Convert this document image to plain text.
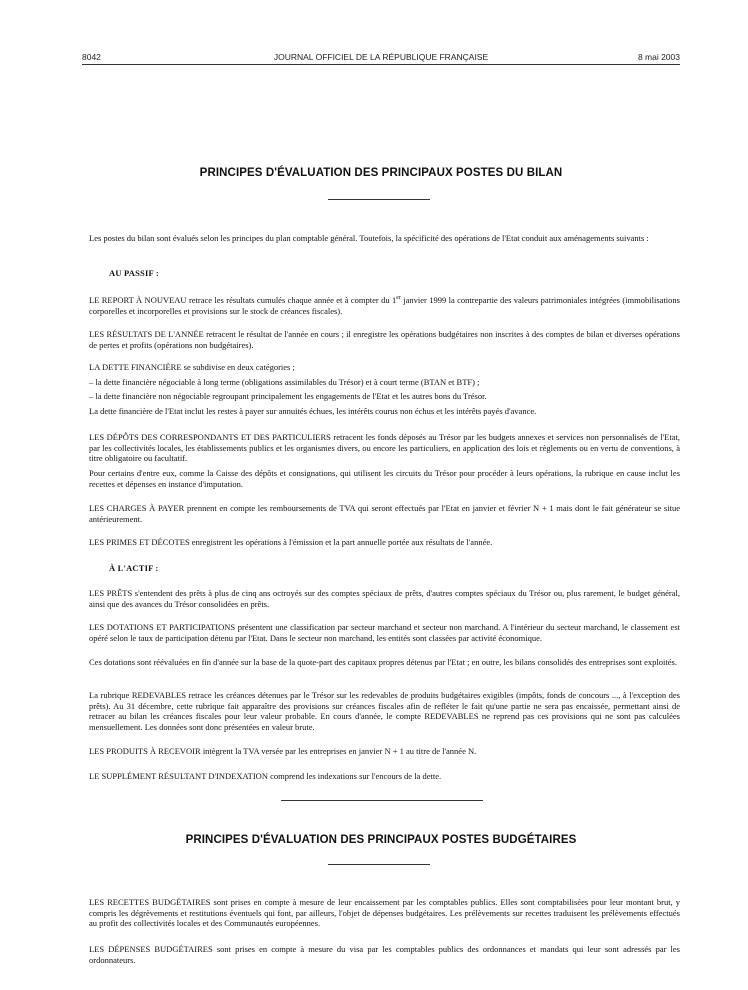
8042	JOURNAL OFFICIEL DE LA RÉPUBLIQUE FRANÇAISE	8 mai 2003
PRINCIPES D'ÉVALUATION DES PRINCIPAUX POSTES DU BILAN

Les postes du bilan sont évalués selon les principes du plan comptable général. Toutefois, la spécificité des opérations de l'Etat conduit aux aménagements suivants :

AU PASSIF :

LE REPORT À NOUVEAU retrace les résultats cumulés chaque année et à compter du 1er janvier 1999 la contrepartie des valeurs patrimoniales intégrées (immobilisations corporelles et incorporelles et provisions sur le stock de créances fiscales).

LES RÉSULTATS DE L'ANNÉE retracent le résultat de l'année en cours ; il enregistre les opérations budgétaires non inscrites à des comptes de bilan et diverses opérations de pertes et profits (opérations non budgétaires).

LA DETTE FINANCIÈRE se subdivise en deux catégories ;

– la dette financière négociable à long terme (obligations assimilables du Trésor) et à court terme (BTAN et BTF) ;
– la dette financière non négociable regroupant principalement les engagements de l'Etat et les autres bons du Trésor.

La dette financière de l'Etat inclut les restes à payer sur annuités échues, les intérêts courus non échus et les intérêts payés d'avance.

LES DÉPÔTS DES CORRESPONDANTS ET DES PARTICULIERS retracent les fonds déposés au Trésor par les budgets annexes et services non personnalisés de l'Etat, par les collectivités locales, les établissements publics et les organismes divers, ou encore les particuliers, en application des lois et règlements ou en vertu de conventions, à titre obligatoire ou facultatif.

Pour certains d'entre eux, comme la Caisse des dépôts et consignations, qui utilisent les circuits du Trésor pour procéder à leurs opérations, la rubrique en cause inclut les recettes et dépenses en instance d'imputation.

LES CHARGES À PAYER prennent en compte les remboursements de TVA qui seront effectués par l'Etat en janvier et février N + 1 mais dont le fait générateur se situe antérieurement.

LES PRIMES ET DÉCOTES enregistrent les opérations à l'émission et la part annuelle portée aux résultats de l'année.

À L'ACTIF :

LES PRÊTS s'entendent des prêts à plus de cinq ans octroyés sur des comptes spéciaux de prêts, d'autres comptes spéciaux du Trésor ou, plus rarement, le budget général, ainsi que des avances du Trésor consolidées en prêts.

LES DOTATIONS ET PARTICIPATIONS présentent une classification par secteur marchand et secteur non marchand. A l'intérieur du secteur marchand, le classement est opéré selon le taux de participation détenu par l'Etat. Dans le secteur non marchand, les entités sont classées par activité économique.

Ces dotations sont réévaluées en fin d'année sur la base de la quote-part des capitaux propres détenus par l'Etat ; en outre, les bilans consolidés des entreprises sont exploités.

La rubrique REDEVABLES retrace les créances détenues par le Trésor sur les redevables de produits budgétaires exigibles (impôts, fonds de concours ..., à l'exception des prêts). Au 31 décembre, cette rubrique fait apparaître des provisions sur créances fiscales afin de refléter le fait qu'une partie ne sera pas encaissée, permettant ainsi de retracer au bilan les créances fiscales pour leur valeur probable. En cours d'année, le compte REDEVABLES ne reprend pas ces provisions qui ne sont pas calculées mensuellement. Les données sont donc présentées en valeur brute.

LES PRODUITS À RECEVOIR intègrent la TVA versée par les entreprises en janvier N + 1 au titre de l'année N.

LE SUPPLÉMENT RÉSULTANT D'INDEXATION comprend les indexations sur l'encours de la dette.

PRINCIPES D'ÉVALUATION DES PRINCIPAUX POSTES BUDGÉTAIRES

LES RECETTES BUDGÉTAIRES sont prises en compte à mesure de leur encaissement par les comptables publics. Elles sont comptabilisées pour leur montant brut, y compris les dégrèvements et restitutions éventuels qui font, par ailleurs, l'objet de dépenses budgétaires. Les prélèvements sur recettes traduisent les prélèvements effectués au profit des collectivités locales et des Communautés européennes.

LES DÉPENSES BUDGÉTAIRES sont prises en compte à mesure du visa par les comptables publics des ordonnances et mandats qui leur sont adressés par les ordonnateurs.
